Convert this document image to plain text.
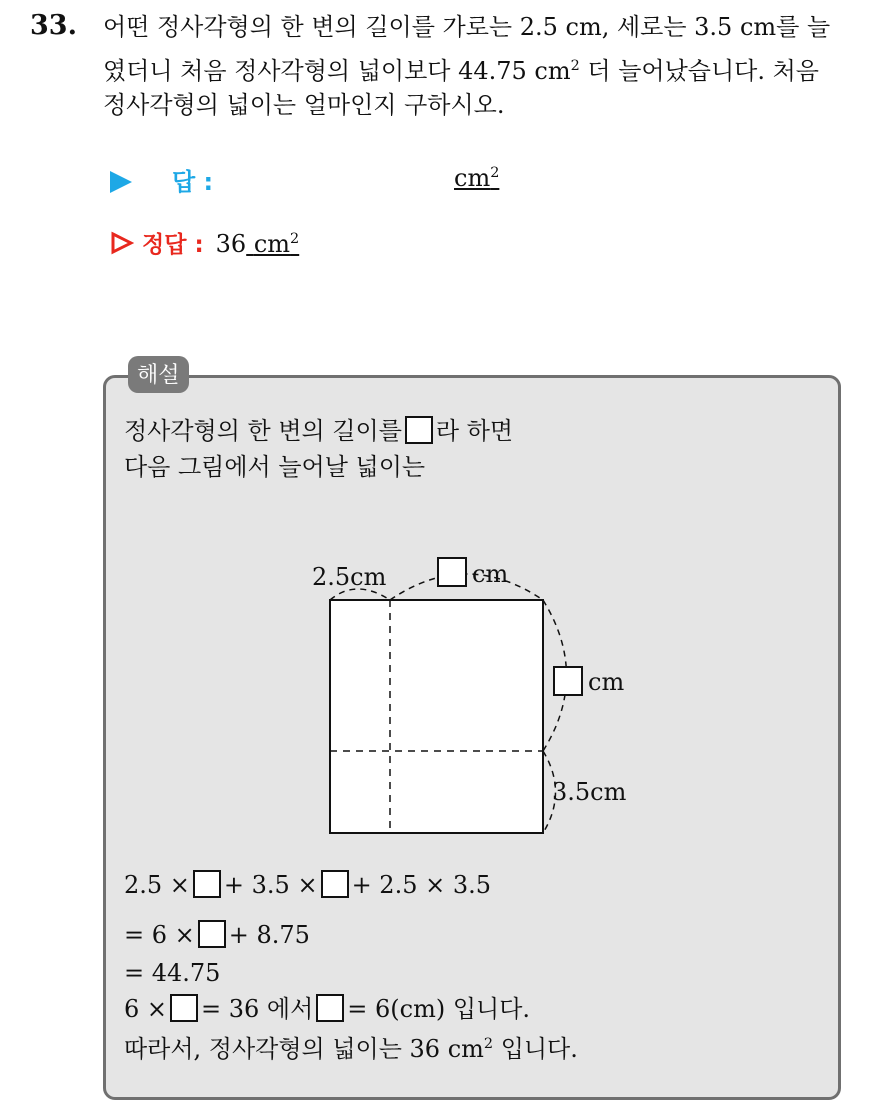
33. 어떤 정사각형의 한 변의 길이를 가로는 2.5 cm, 세로는 3.5 cm를 늘
였더니 처음 정사각형의 넓이보다 44.75 $cm^2$ 더 늘어났습니다. 처음
정사각형의 넓이는 얼마인지 구하시오.
답 :	$cm^2$
정답 : 36 $cm^2$
해설
정사각형의 한 변의 길이를 라 하면
다음 그림에서 늘어날 넓이는
2.5cm	cm
cm
3.5cm
2.5 × + 3.5 × + 2.5 × 3.5
= 6 × + 8.75
= 44.75
6 × = 36 에서 = 6(cm) 입니다.
따라서, 정사각형의 넓이는 36 $cm^2$ 입니다.
